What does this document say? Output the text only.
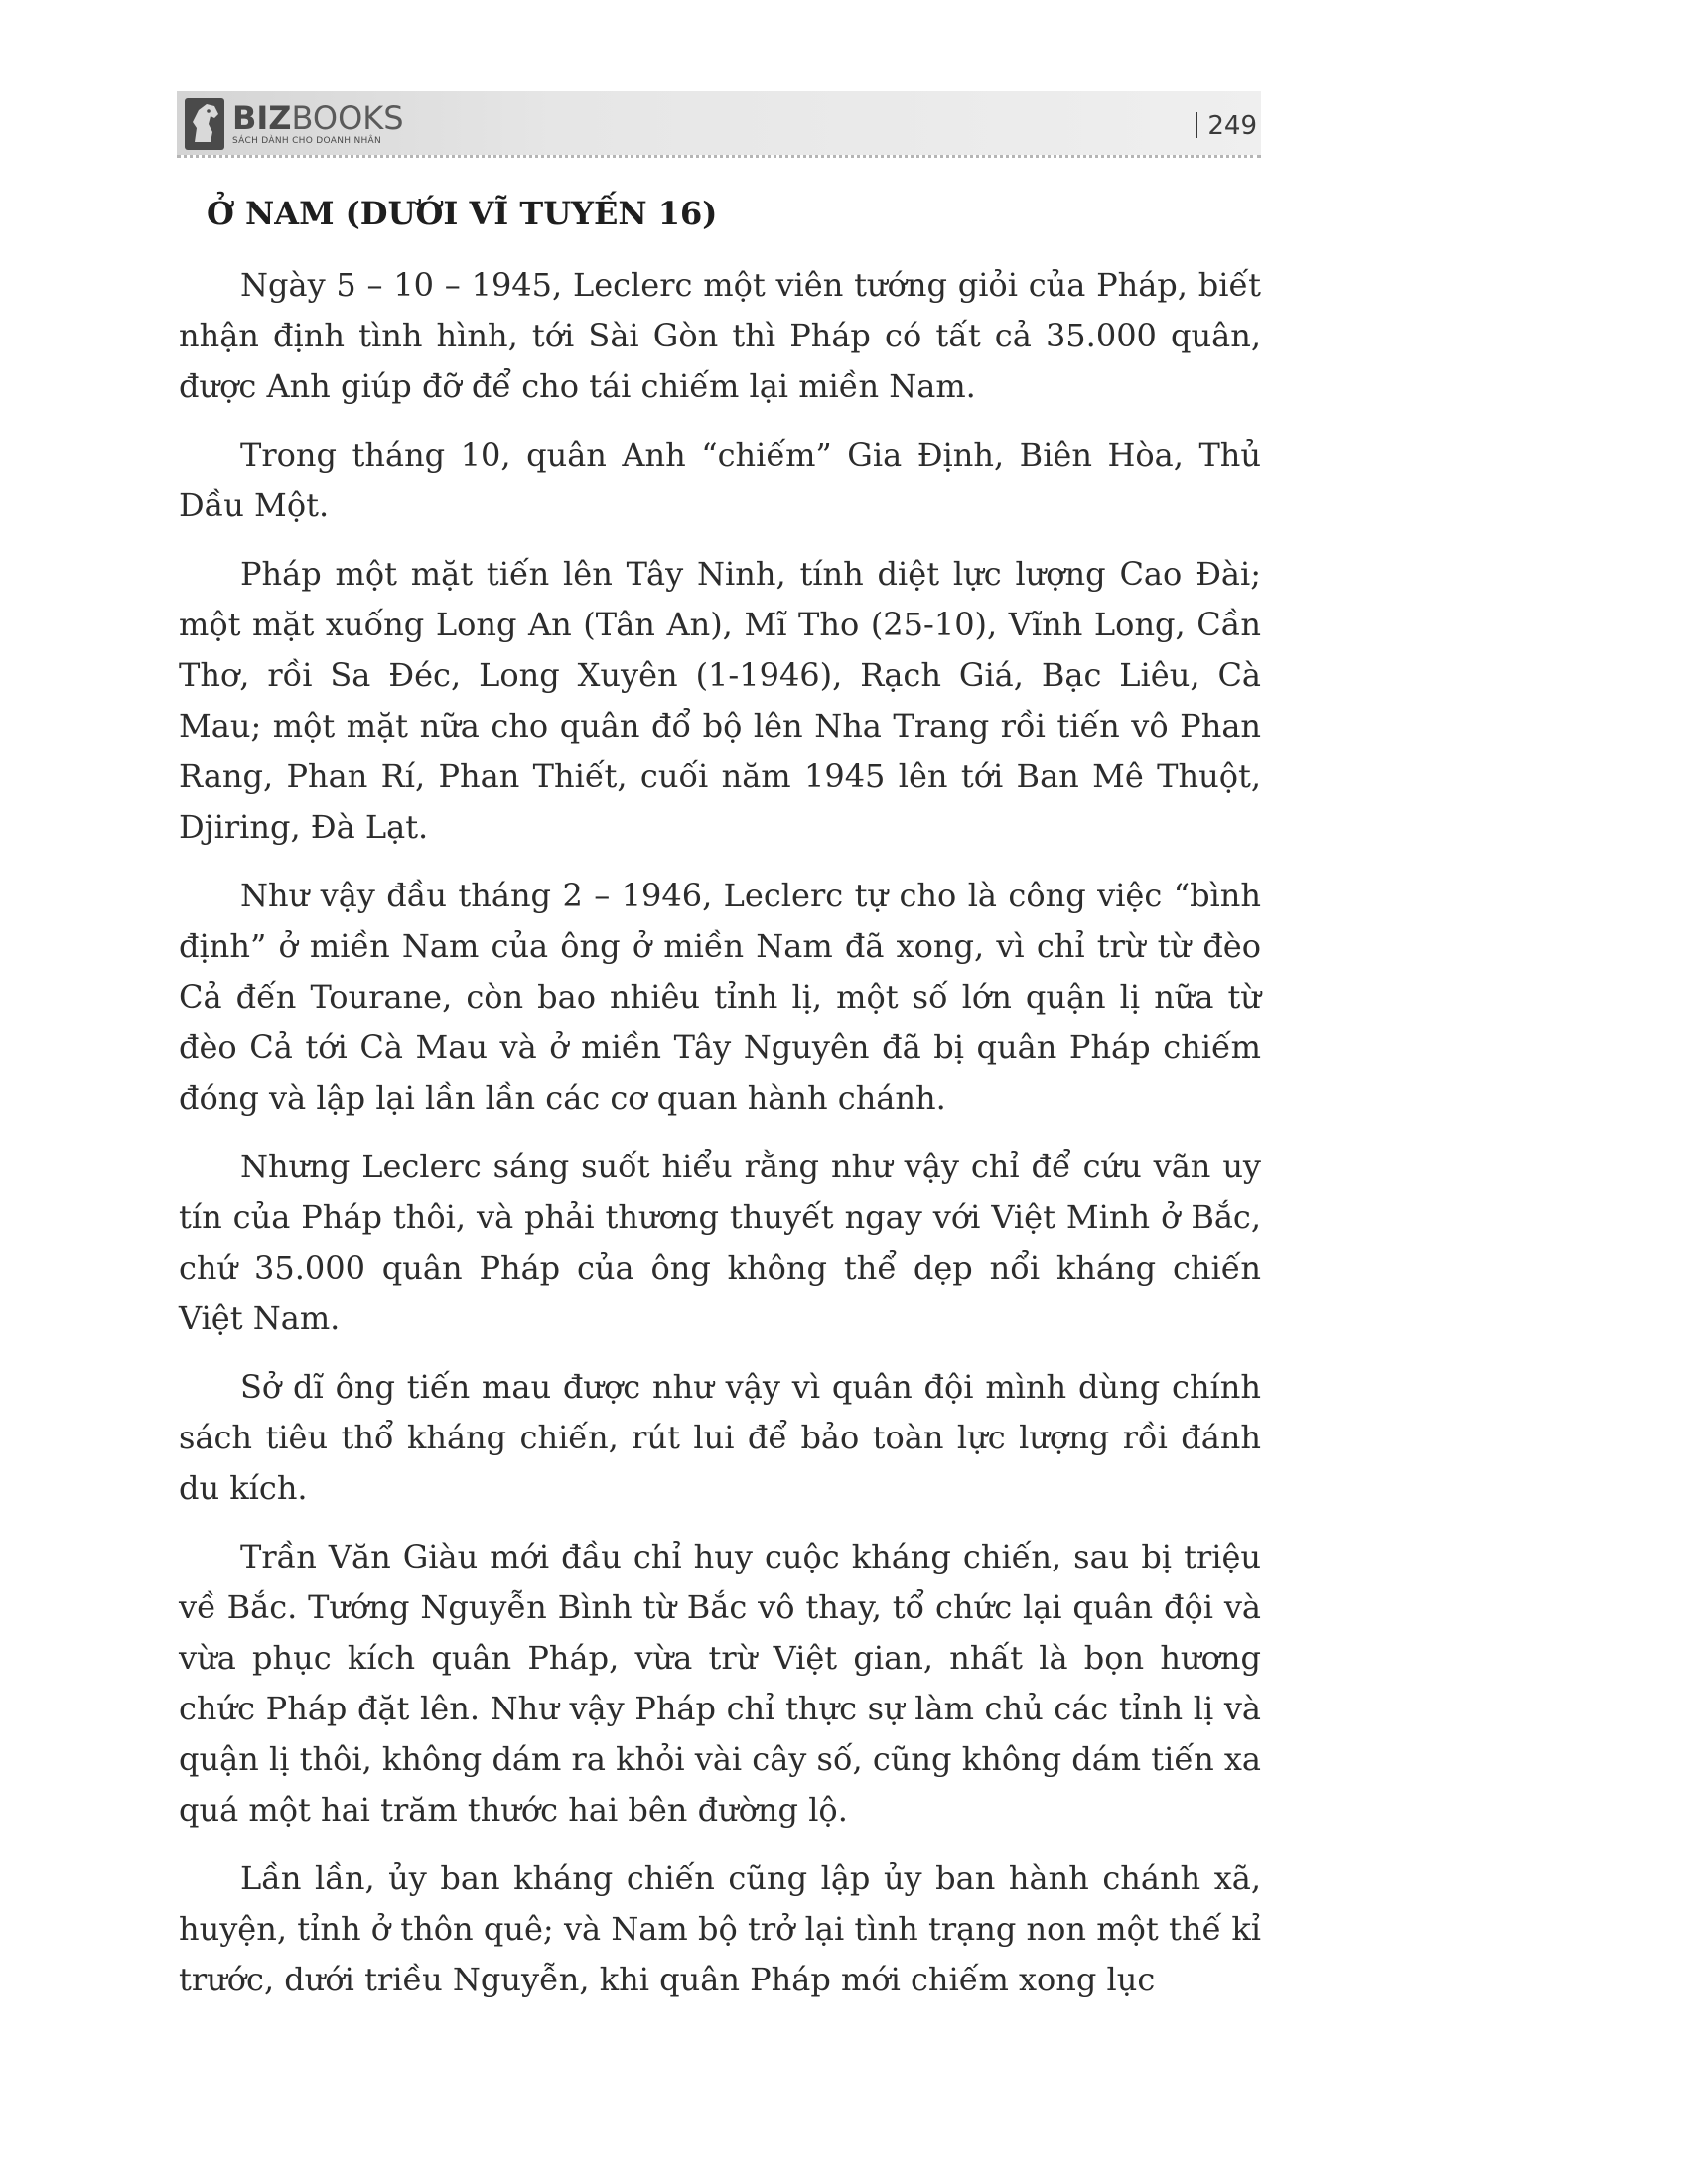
BIZBOOKS
SÁCH DÀNH CHO DOANH NHÂN	249
Ở NAM (DƯỚI VĨ TUYẾN 16)

Ngày 5 – 10 – 1945, Leclerc một viên tướng giỏi của Pháp, biết nhận định tình hình, tới Sài Gòn thì Pháp có tất cả 35.000 quân, được Anh giúp đỡ để cho tái chiếm lại miền Nam.

Trong tháng 10, quân Anh “chiếm” Gia Định, Biên Hòa, Thủ Dầu Một.

Pháp một mặt tiến lên Tây Ninh, tính diệt lực lượng Cao Đài; một mặt xuống Long An (Tân An), Mĩ Tho (25-10), Vĩnh Long, Cần Thơ, rồi Sa Đéc, Long Xuyên (1-1946), Rạch Giá, Bạc Liêu, Cà Mau; một mặt nữa cho quân đổ bộ lên Nha Trang rồi tiến vô Phan Rang, Phan Rí, Phan Thiết, cuối năm 1945 lên tới Ban Mê Thuột, Djiring, Đà Lạt.

Như vậy đầu tháng 2 – 1946, Leclerc tự cho là công việc “bình định” ở miền Nam của ông ở miền Nam đã xong, vì chỉ trừ từ đèo Cả đến Tourane, còn bao nhiêu tỉnh lị, một số lớn quận lị nữa từ đèo Cả tới Cà Mau và ở miền Tây Nguyên đã bị quân Pháp chiếm đóng và lập lại lần lần các cơ quan hành chánh.

Nhưng Leclerc sáng suốt hiểu rằng như vậy chỉ để cứu vãn uy tín của Pháp thôi, và phải thương thuyết ngay với Việt Minh ở Bắc, chứ 35.000 quân Pháp của ông không thể dẹp nổi kháng chiến Việt Nam.

Sở dĩ ông tiến mau được như vậy vì quân đội mình dùng chính sách tiêu thổ kháng chiến, rút lui để bảo toàn lực lượng rồi đánh du kích.

Trần Văn Giàu mới đầu chỉ huy cuộc kháng chiến, sau bị triệu về Bắc. Tướng Nguyễn Bình từ Bắc vô thay, tổ chức lại quân đội và vừa phục kích quân Pháp, vừa trừ Việt gian, nhất là bọn hương chức Pháp đặt lên. Như vậy Pháp chỉ thực sự làm chủ các tỉnh lị và quận lị thôi, không dám ra khỏi vài cây số, cũng không dám tiến xa quá một hai trăm thước hai bên đường lộ.

Lần lần, ủy ban kháng chiến cũng lập ủy ban hành chánh xã, huyện, tỉnh ở thôn quê; và Nam bộ trở lại tình trạng non một thế kỉ trước, dưới triều Nguyễn, khi quân Pháp mới chiếm xong lục
